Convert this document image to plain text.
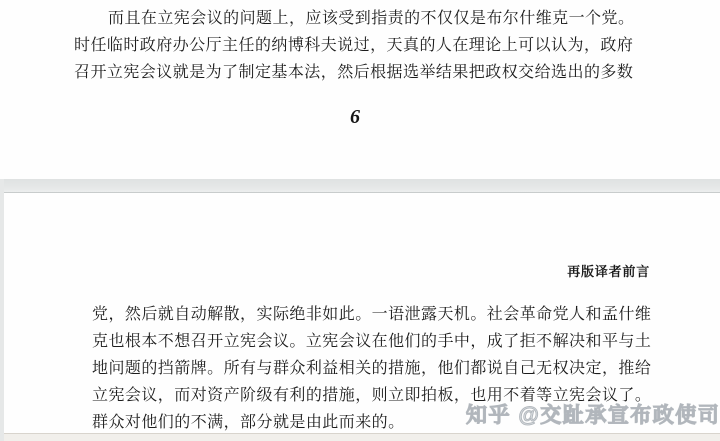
而且在立宪会议的问题上，应该受到指责的不仅仅是布尔什维克一个党。
时任临时政府办公厅主任的纳博科夫说过，天真的人在理论上可以认为，政府
召开立宪会议就是为了制定基本法，然后根据选举结果把政权交给选出的多数
6
再版译者前言
党，然后就自动解散，实际绝非如此。一语泄露天机。社会革命党人和孟什维
克也根本不想召开立宪会议。立宪会议在他们的手中，成了拒不解决和平与土
地问题的挡箭牌。所有与群众利益相关的措施，他们都说自己无权决定，推给
立宪会议，而对资产阶级有利的措施，则立即拍板，也用不着等立宪会议了。
群众对他们的不满，部分就是由此而来的。	知乎 @交趾承宣布政使司
